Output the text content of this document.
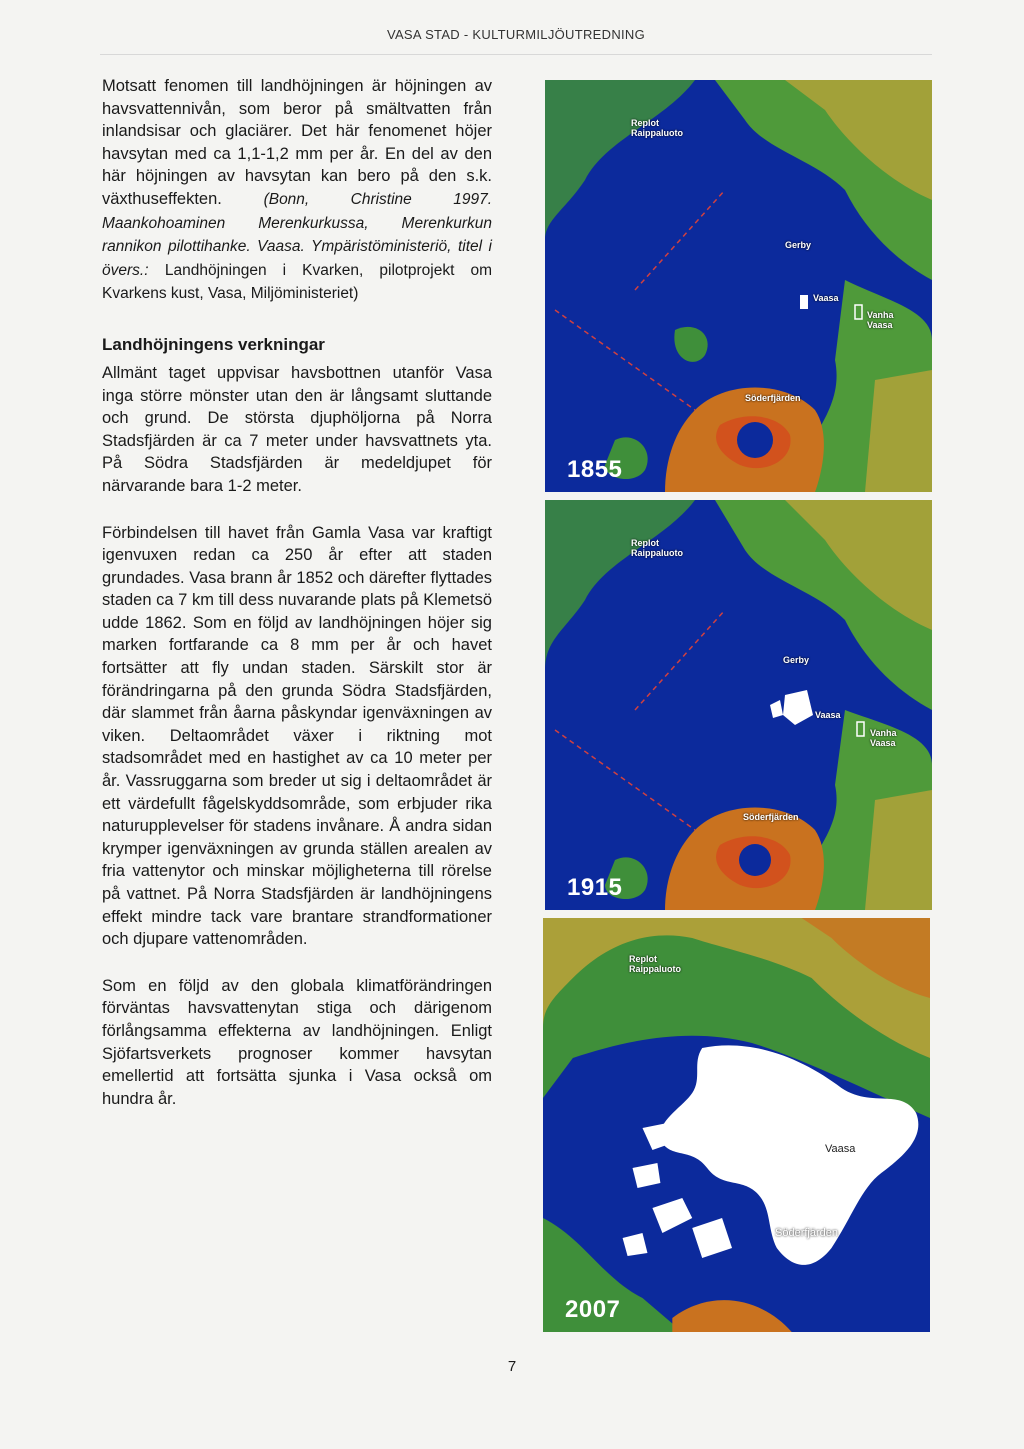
VASA STAD - KULTURMILJÖUTREDNING

Motsatt fenomen till landhöjningen är höjningen av havsvattennivån, som beror på smältvatten från inlandsisar och glaciärer. Det här fenomenet höjer havsytan med ca 1,1-1,2 mm per år. En del av den här höjningen av havsytan kan bero på den s.k. växthuseffekten.	(Bonn, Christine 1997. Maankohoaminen Merenkurkussa, Merenkurkun rannikon pilottihanke. Vaasa. Ympäristöministeriö, titel i övers.: Landhöjningen i Kvarken, pilotprojekt om Kvarkens kust, Vasa, Miljöministeriet)

Landhöjningens verkningar

Allmänt taget uppvisar havsbottnen utanför Vasa inga större mönster utan den är långsamt sluttande och grund. De största djuphöljorna på Norra Stadsfjärden är ca 7 meter under havsvattnets yta. På Södra Stadsfjärden är medeldjupet för närvarande bara 1-2 meter.

Förbindelsen till havet från Gamla Vasa var kraftigt igenvuxen redan ca 250 år efter att staden grundades. Vasa brann år 1852 och därefter flyttades staden ca 7 km till dess nuvarande plats på Klemetsö udde 1862. Som en följd av landhöjningen höjer sig marken fortfarande ca 8 mm per år och havet fortsätter att fly undan staden. Särskilt stor är förändringarna på den grunda Södra Stadsfjärden, där slammet från åarna påskyndar igenväxningen av viken. Deltaområdet växer i riktning mot stadsområdet med en hastighet av ca 10 meter per år. Vassruggarna som breder ut sig i deltaområdet är ett värdefullt fågelskyddsområde, som erbjuder rika naturupplevelser för stadens invånare. Å andra sidan krymper igenväxningen av grunda ställen arealen av fria vattenytor och minskar möjligheterna till rörelse på vattnet. På Norra Stadsfjärden är landhöjningens effekt mindre tack vare brantare strandformationer och djupare vattenområden.

Som en följd av den globala klimatförändringen förväntas havsvattenytan stiga och därigenom förlångsamma effekterna av landhöjningen. Enligt Sjöfartsverkets prognoser kommer havsytan emellertid att fortsätta sjunka i Vasa också om hundra år.

Replot
Raippaluoto
Gerby
Vaasa
Vanha
Vaasa
Söderfjärden
1855
Replot
Raippaluoto
Gerby
Vaasa
Vanha
Vaasa
Söderfjärden
1915
Replot
Raippaluoto
Vaasa
Söderfjärden
2007
7
